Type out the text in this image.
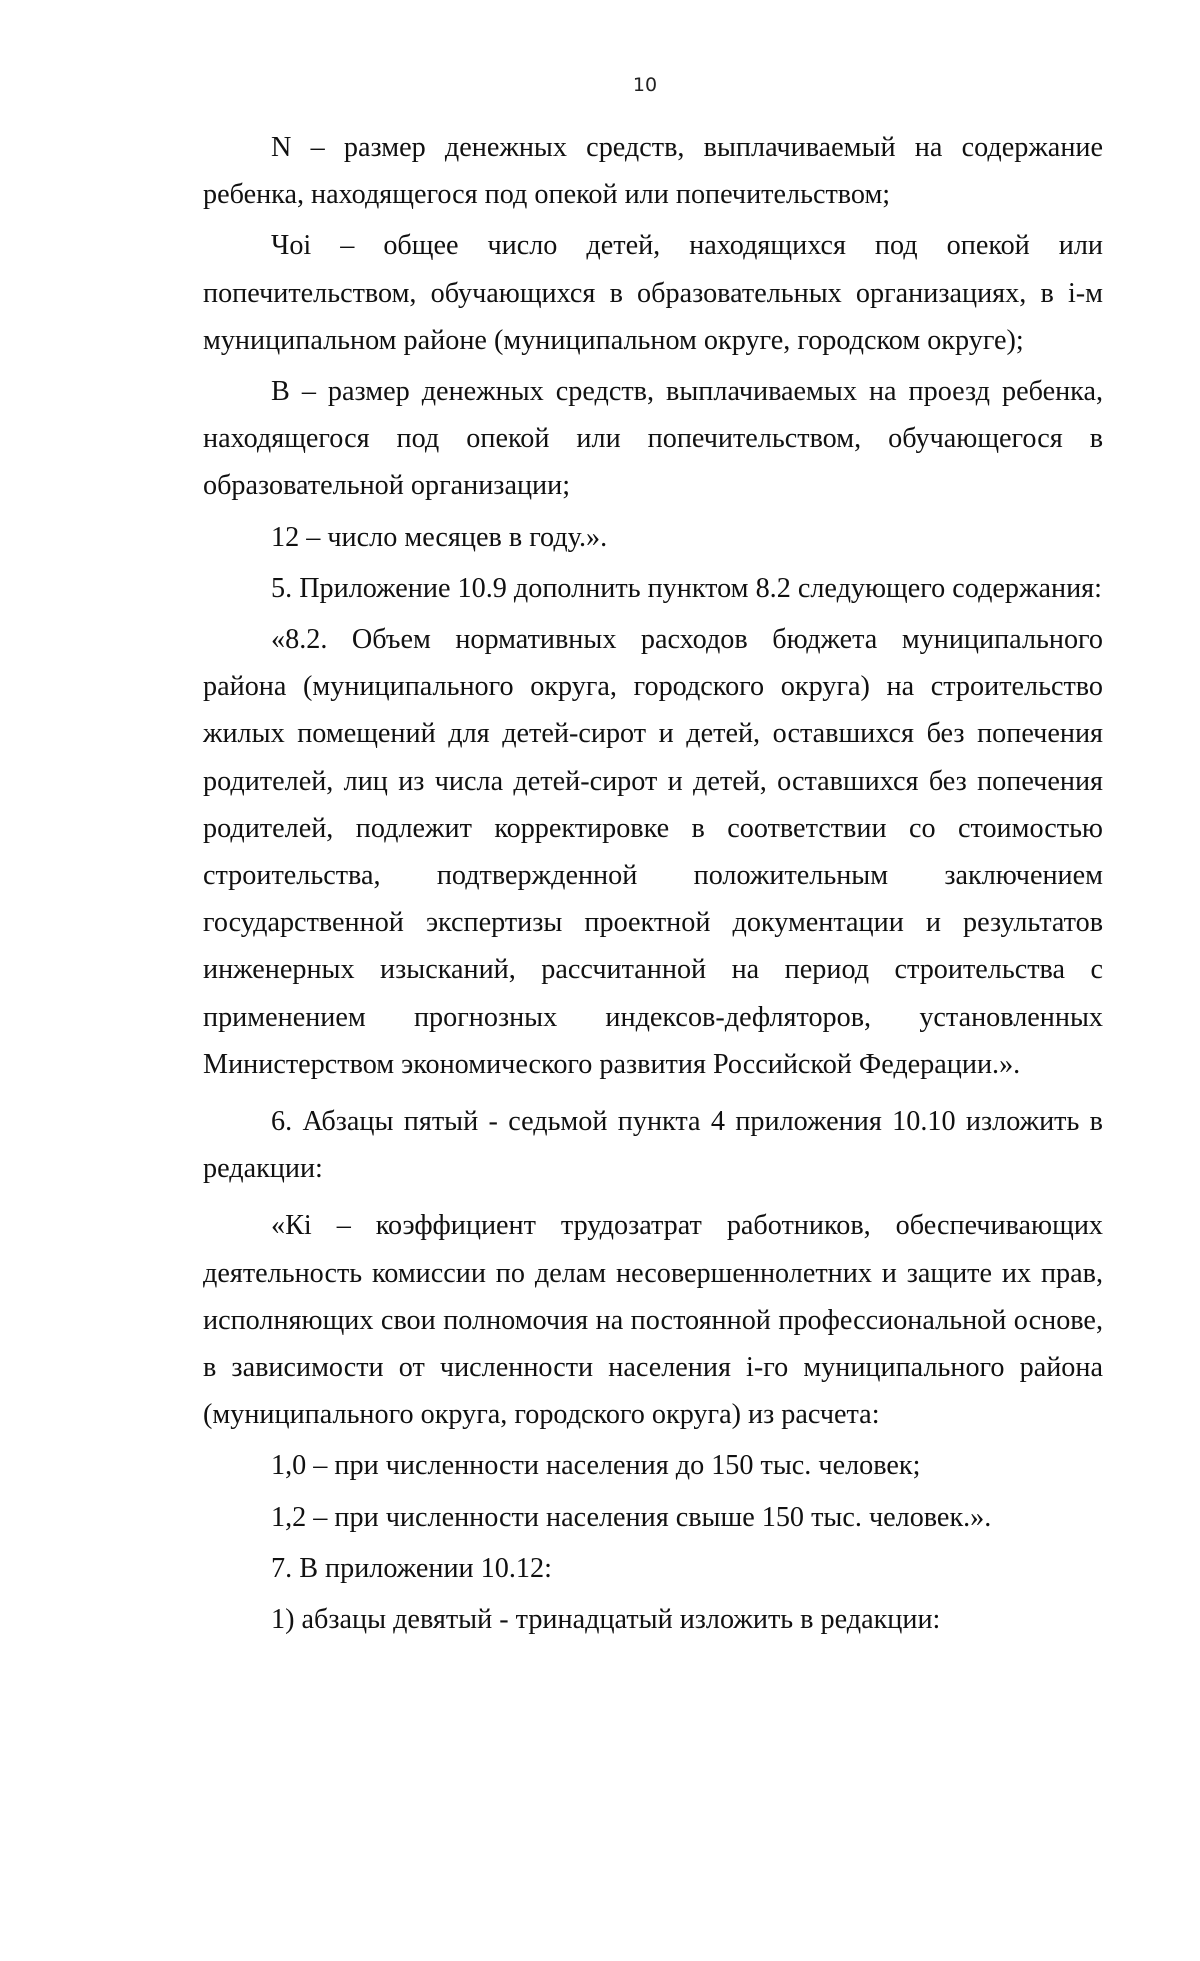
10

N – размер денежных средств, выплачиваемый на содержание ребенка, находящегося под опекой или попечительством;

Чоi – общее число детей, находящихся под опекой или попечительством, обучающихся в образовательных организациях, в i-м муниципальном районе (муниципальном округе, городском округе);

В – размер денежных средств, выплачиваемых на проезд ребенка, находящегося под опекой или попечительством, обучающегося в образовательной организации;

12 – число месяцев в году.».

5. Приложение 10.9 дополнить пунктом 8.2 следующего содержания:

«8.2. Объем нормативных расходов бюджета муниципального района (муниципального округа, городского округа) на строительство жилых помещений для детей-сирот и детей, оставшихся без попечения родителей, лиц из числа детей-сирот и детей, оставшихся без попечения родителей, подлежит корректировке в соответствии со стоимостью строительства, подтвержденной положительным заключением государственной экспертизы проектной документации и результатов инженерных изысканий, рассчитанной на период строительства с применением прогнозных индексов-дефляторов, установленных Министерством экономического развития Российской Федерации.».

6. Абзацы пятый - седьмой пункта 4 приложения 10.10 изложить в редакции:

«Кi – коэффициент трудозатрат работников, обеспечивающих деятельность комиссии по делам несовершеннолетних и защите их прав, исполняющих свои полномочия на постоянной профессиональной основе, в зависимости от численности населения i-го муниципального района (муниципального округа, городского округа) из расчета:

1,0 – при численности населения до 150 тыс. человек;

1,2 – при численности населения свыше 150 тыс. человек.».

7. В приложении 10.12:

1) абзацы девятый - тринадцатый изложить в редакции:
